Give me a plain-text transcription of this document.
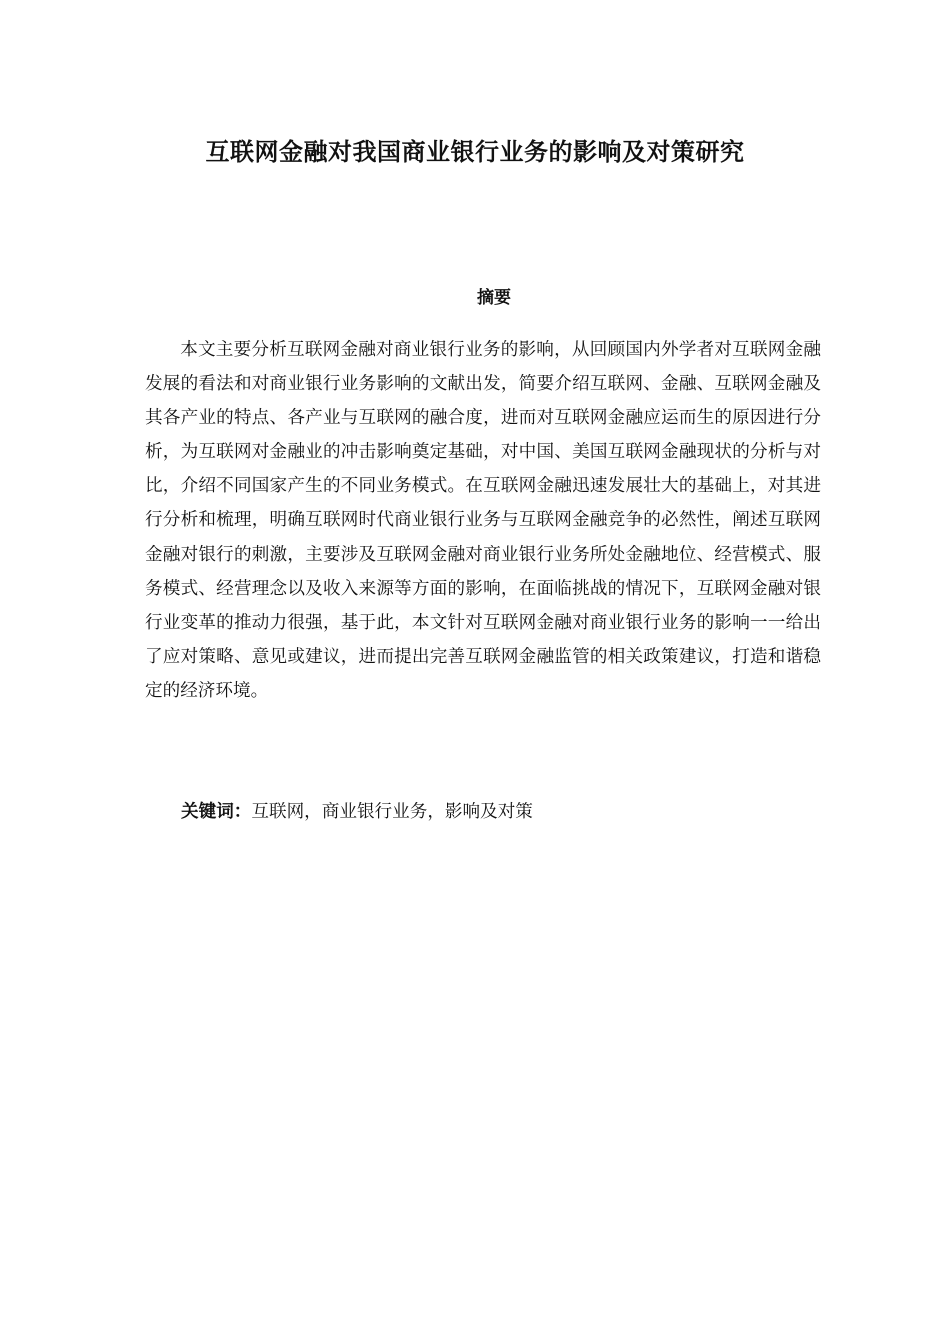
互联网金融对我国商业银行业务的影响及对策研究
摘要

本文主要分析互联网金融对商业银行业务的影响，从回顾国内外学者对互联网金融发展的看法和对商业银行业务影响的文献出发，简要介绍互联网、金融、互联网金融及其各产业的特点、各产业与互联网的融合度，进而对互联网金融应运而生的原因进行分析，为互联网对金融业的冲击影响奠定基础，对中国、美国互联网金融现状的分析与对比，介绍不同国家产生的不同业务模式。在互联网金融迅速发展壮大的基础上，对其进行分析和梳理，明确互联网时代商业银行业务与互联网金融竞争的必然性，阐述互联网金融对银行的刺激，主要涉及互联网金融对商业银行业务所处金融地位、经营模式、服务模式、经营理念以及收入来源等方面的影响，在面临挑战的情况下，互联网金融对银行业变革的推动力很强，基于此，本文针对互联网金融对商业银行业务的影响一一给出了应对策略、意见或建议，进而提出完善互联网金融监管的相关政策建议，打造和谐稳定的经济环境。

关键词：互联网，商业银行业务，影响及对策
